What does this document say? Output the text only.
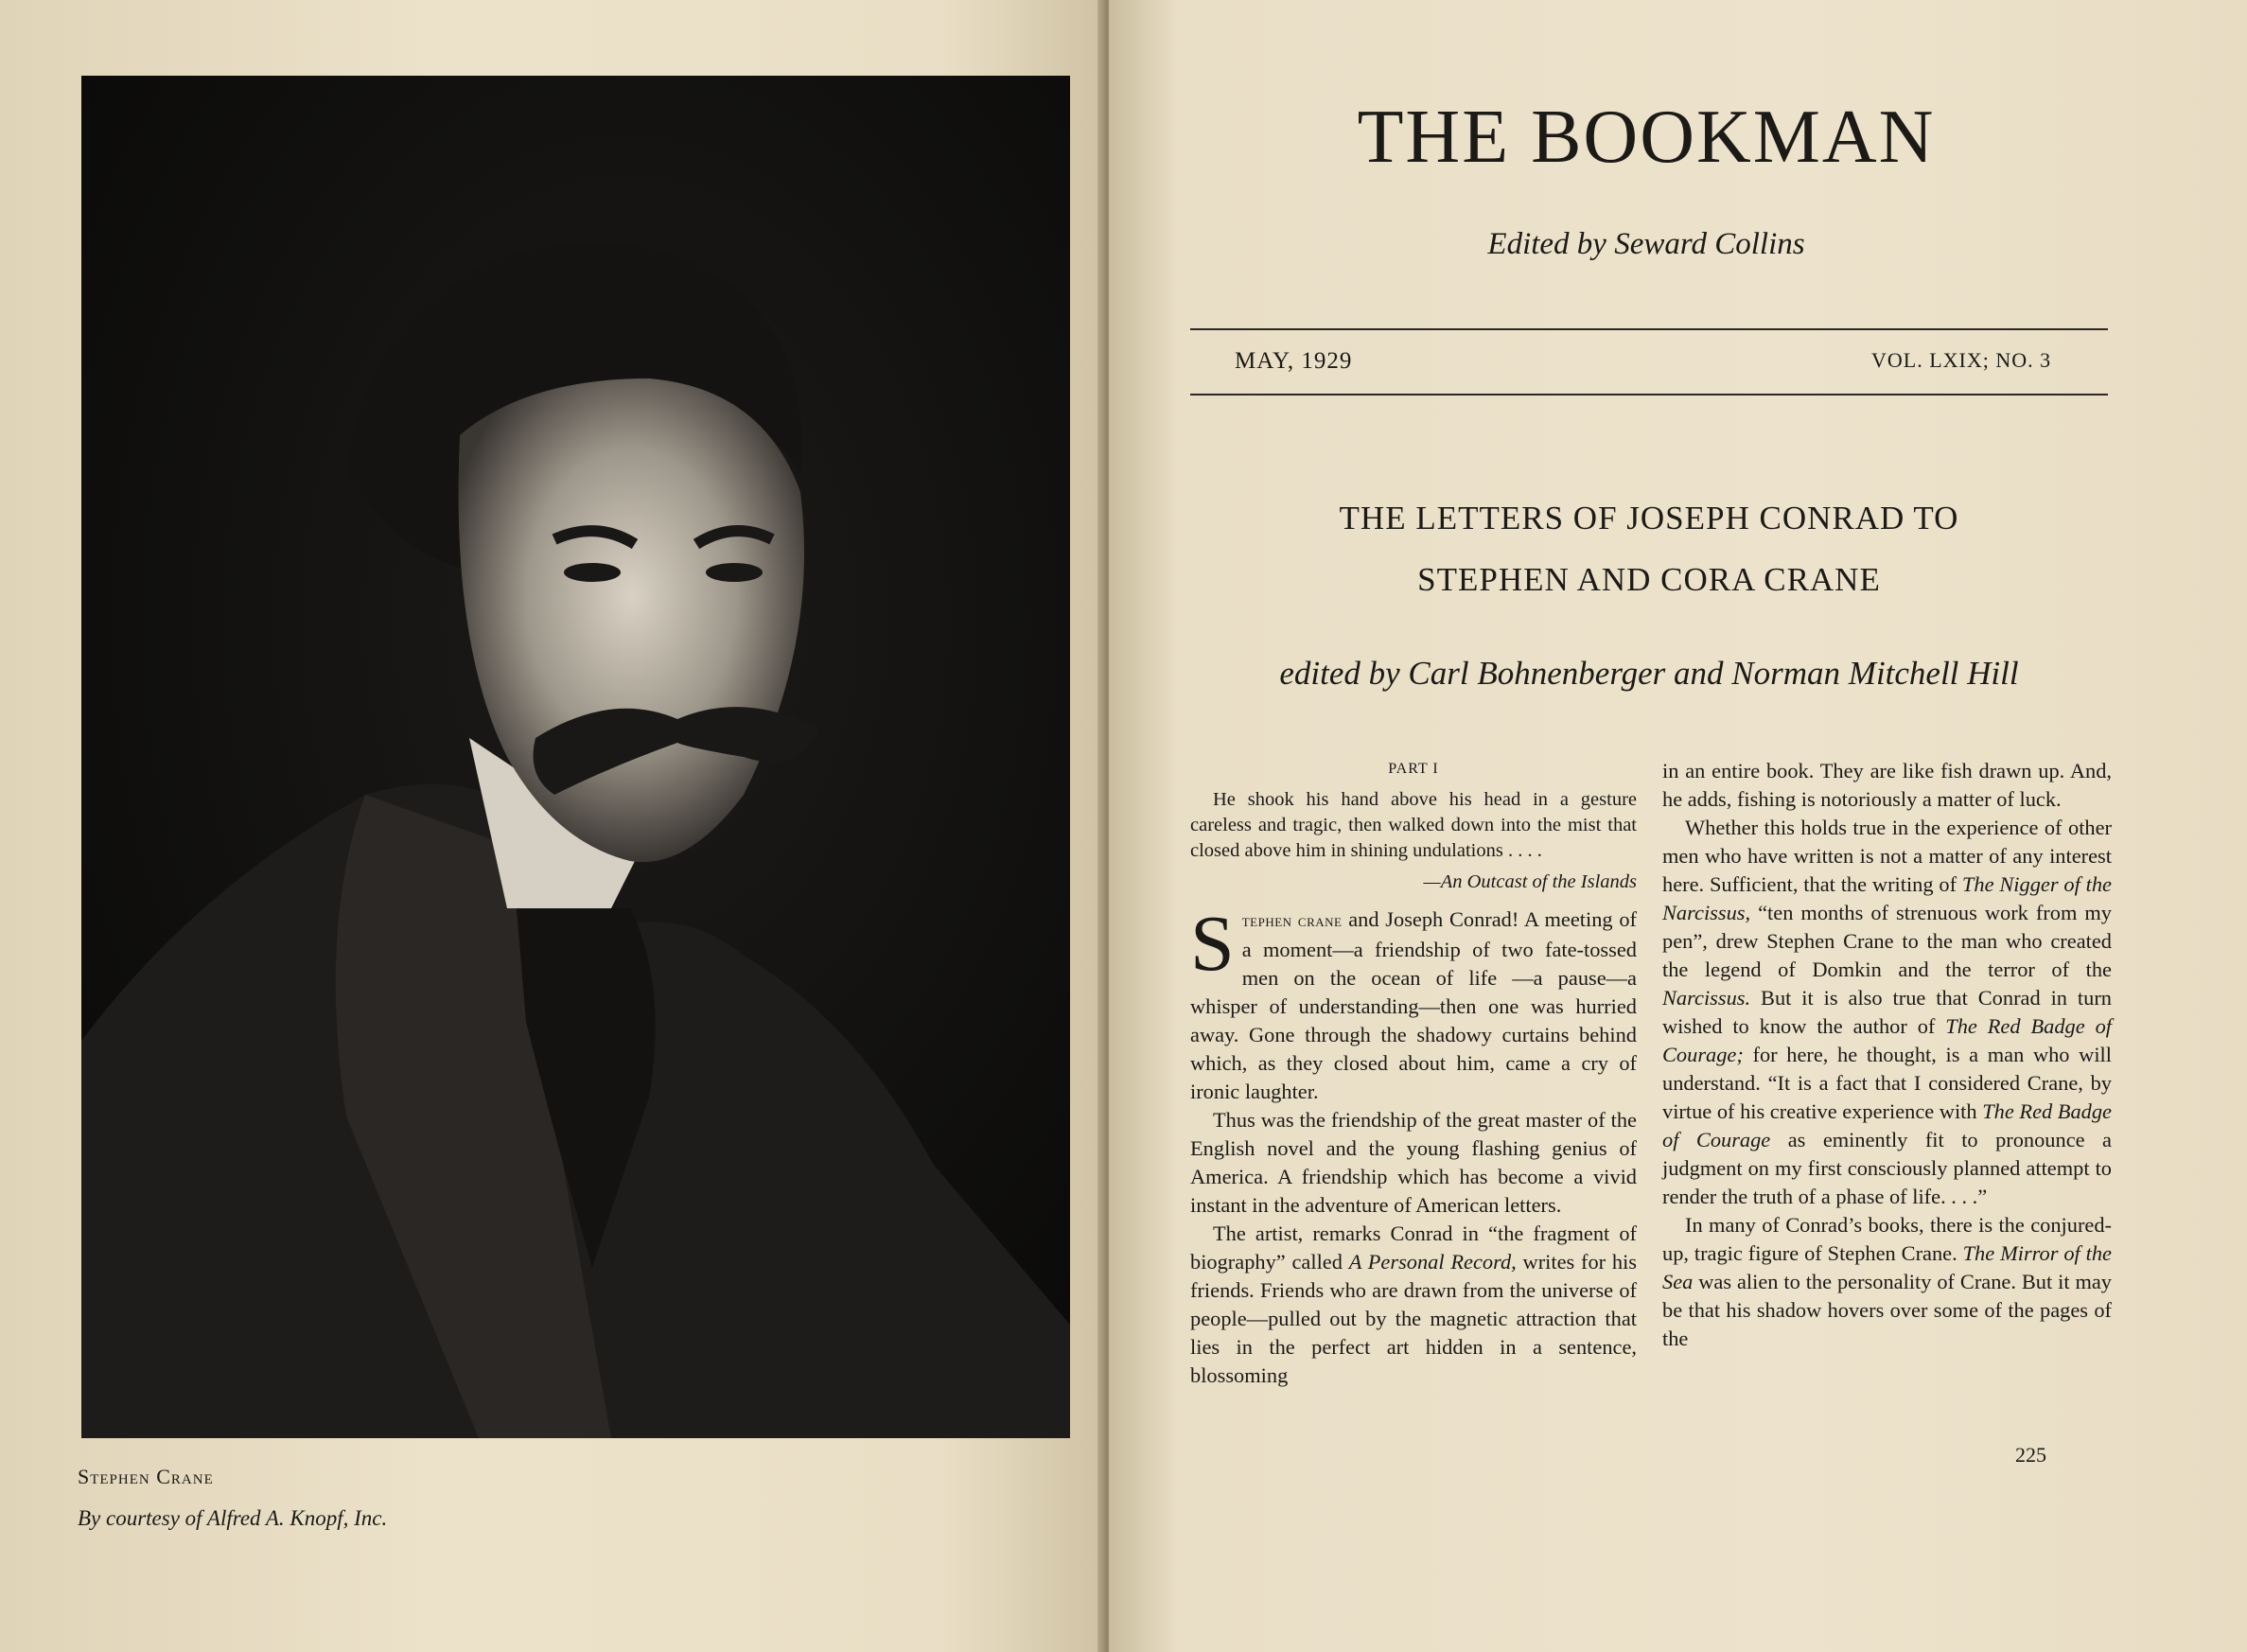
Stephen Crane
By courtesy of Alfred A. Knopf, Inc.
THE BOOKMAN
Edited by Seward Collins
MAY, 1929	VOL. LXIX; NO. 3
THE LETTERS OF JOSEPH CONRAD TO
STEPHEN AND CORA CRANE
edited by Carl Bohnenberger and Norman Mitchell Hill
PART I

He shook his hand above his head in a gesture careless and tragic, then walked down into the mist that closed above him in shining undulations . . . .

—An Outcast of the Islands

Stephen crane and Joseph Conrad! A meeting of a moment—a friendship of two fate-tossed men on the ocean of life —a pause—a whisper of understanding—then one was hurried away. Gone through the shadowy curtains behind which, as they closed about him, came a cry of ironic laughter.

Thus was the friendship of the great master of the English novel and the young flashing genius of America. A friendship which has become a vivid instant in the adventure of American letters.

The artist, remarks Conrad in “the fragment of biography” called A Personal Record, writes for his friends. Friends who are drawn from the universe of people—pulled out by the magnetic attraction that lies in the perfect art hidden in a sentence, blossoming

in an entire book. They are like fish drawn up. And, he adds, fishing is notoriously a matter of luck.

Whether this holds true in the experience of other men who have written is not a matter of any interest here. Sufficient, that the writing of The Nigger of the Narcissus, “ten months of strenuous work from my pen”, drew Stephen Crane to the man who created the legend of Domkin and the terror of the Narcissus. But it is also true that Conrad in turn wished to know the author of The Red Badge of Courage; for here, he thought, is a man who will understand. “It is a fact that I considered Crane, by virtue of his creative experience with The Red Badge of Courage as eminently fit to pronounce a judgment on my first consciously planned attempt to render the truth of a phase of life. . . .”

In many of Conrad’s books, there is the conjured-up, tragic figure of Stephen Crane. The Mirror of the Sea was alien to the personality of Crane. But it may be that his shadow hovers over some of the pages of the

225
